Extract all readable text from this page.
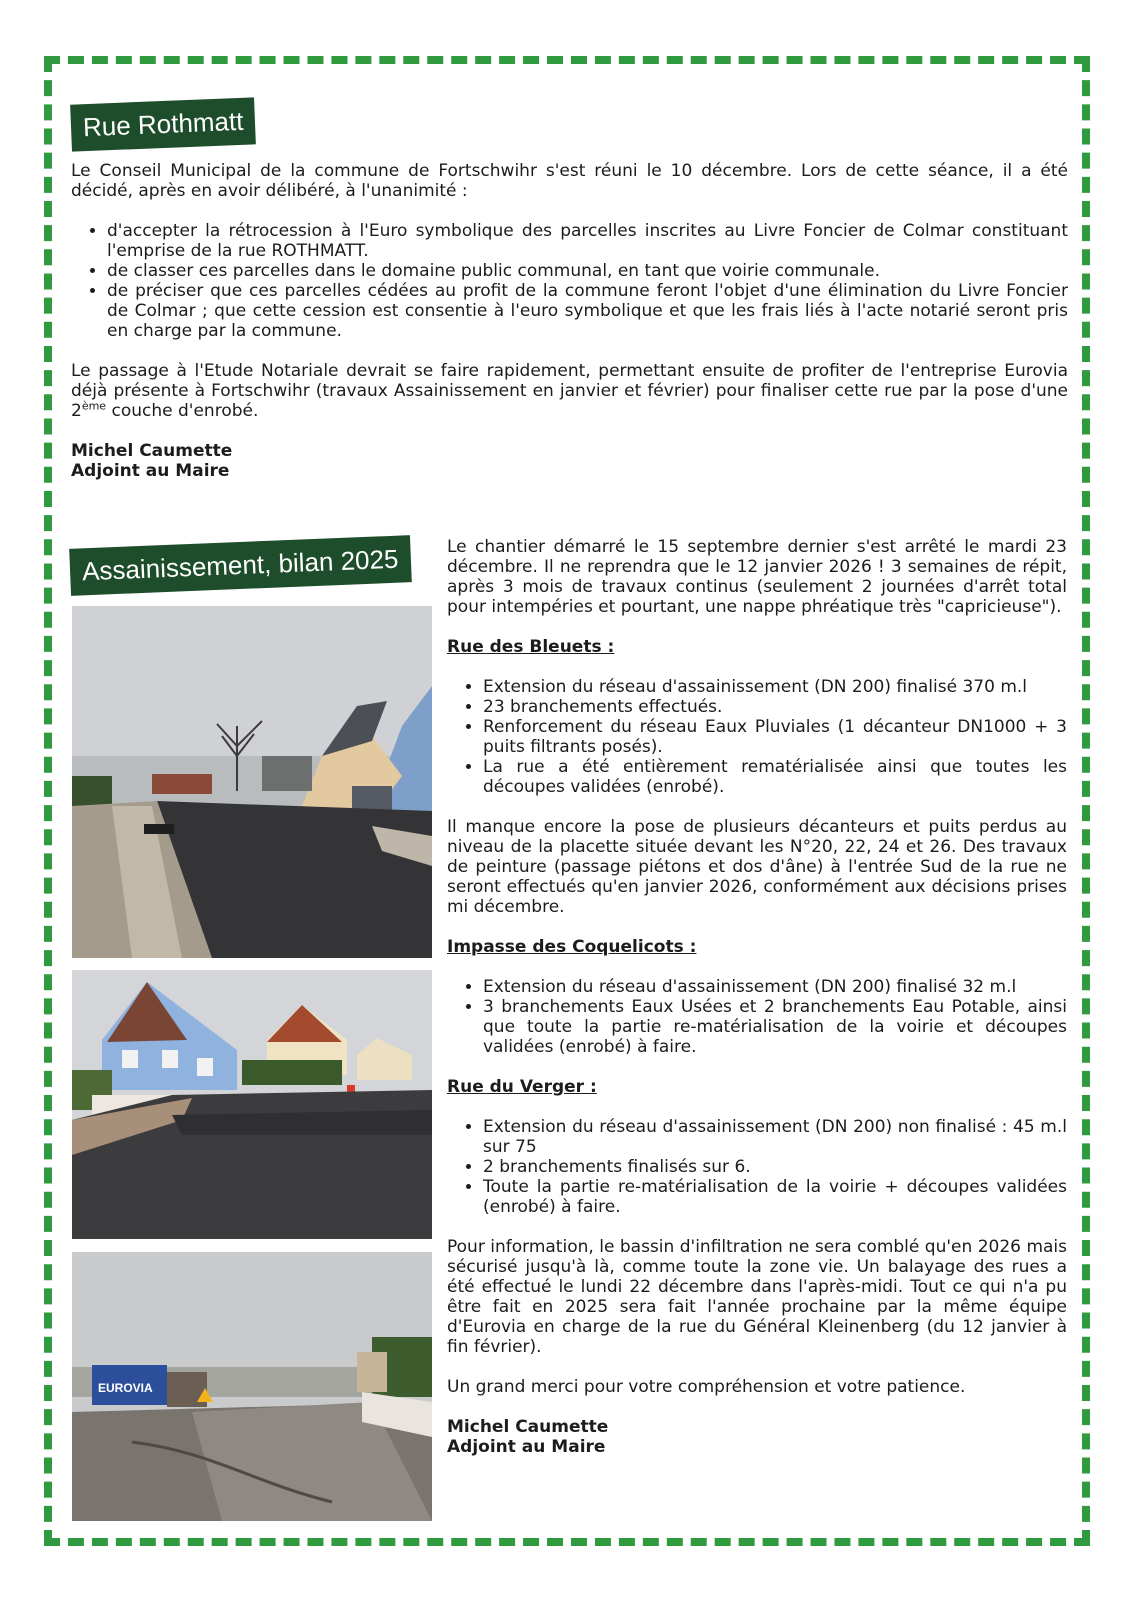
Rue Rothmatt

Le Conseil Municipal de la commune de Fortschwihr s'est réuni le 10 décembre. Lors de cette séance, il a été décidé, après en avoir délibéré, à l'unanimité :

• d'accepter la rétrocession à l'Euro symbolique des parcelles inscrites au Livre Foncier de Colmar constituant l'emprise de la rue ROTHMATT.
• de classer ces parcelles dans le domaine public communal, en tant que voirie communale.
• de préciser que ces parcelles cédées au profit de la commune feront l'objet d'une élimination du Livre Foncier de Colmar ; que cette cession est consentie à l'euro symbolique et que les frais liés à l'acte notarié seront pris en charge par la commune.

Le passage à l'Etude Notariale devrait se faire rapidement, permettant ensuite de profiter de l'entreprise Eurovia déjà présente à Fortschwihr (travaux Assainissement en janvier et février) pour finaliser cette rue par la pose d'une 2ème couche d'enrobé.

Michel Caumette

Adjoint au Maire

Assainissement, bilan 2025
EUROVIA

Le chantier démarré le 15 septembre dernier s'est arrêté le mardi 23 décembre. Il ne reprendra que le 12 janvier 2026 ! 3 semaines de répit, après 3 mois de travaux continus (seulement 2 journées d'arrêt total pour intempéries et pourtant, une nappe phréatique très "capricieuse").

Rue des Bleuets :

• Extension du réseau d'assainissement (DN 200) finalisé 370 m.l
• 23 branchements effectués.
• Renforcement du réseau Eaux Pluviales (1 décanteur DN1000 + 3 puits filtrants posés).
• La rue a été entièrement rematérialisée ainsi que toutes les découpes validées (enrobé).

Il manque encore la pose de plusieurs décanteurs et puits perdus au niveau de la placette située devant les N°20, 22, 24 et 26. Des travaux de peinture (passage piétons et dos d'âne) à l'entrée Sud de la rue ne seront effectués qu'en janvier 2026, conformément aux décisions prises mi décembre.

Impasse des Coquelicots :

• Extension du réseau d'assainissement (DN 200) finalisé 32 m.l
• 3 branchements Eaux Usées et 2 branchements Eau Potable, ainsi que toute la partie re-matérialisation de la voirie et découpes validées (enrobé) à faire.

Rue du Verger :

• Extension du réseau d'assainissement (DN 200) non finalisé : 45 m.l sur 75
• 2 branchements finalisés sur 6.
• Toute la partie re-matérialisation de la voirie + découpes validées (enrobé) à faire.

Pour information, le bassin d'infiltration ne sera comblé qu'en 2026 mais sécurisé jusqu'à là, comme toute la zone vie. Un balayage des rues a été effectué le lundi 22 décembre dans l'après-midi. Tout ce qui n'a pu être fait en 2025 sera fait l'année prochaine par la même équipe d'Eurovia en charge de la rue du Général Kleinenberg (du 12 janvier à fin février).

Un grand merci pour votre compréhension et votre patience.

Michel Caumette

Adjoint au Maire
